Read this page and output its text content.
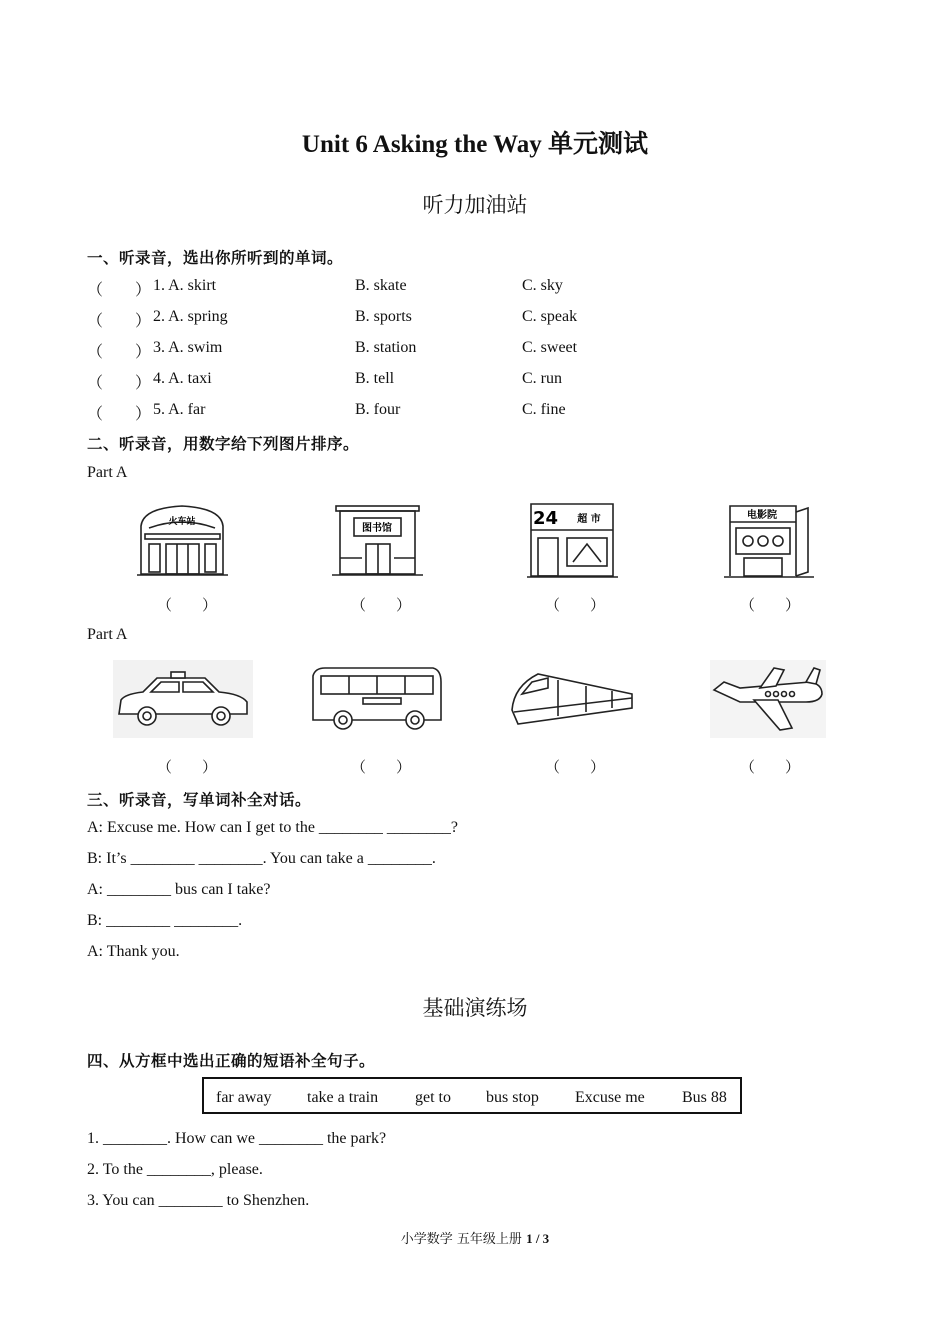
Unit 6 Asking the Way 单元测试
听力加油站
一、听录音，选出你所听到的单词。
（　　） 1. A. skirt	B. skate	C. sky
（　　） 2. A. spring	B. sports	C. speak
（　　） 3. A. swim	B. station	C. sweet
（　　） 4. A. taxi	B. tell	C. run
（　　） 5. A. far	B. four	C. fine
二、听录音，用数字给下列图片排序。
Part A
火车站
图书馆	24 超 市	电影院
（　　）	（　　）	（　　）	（　　）
Part A
（　　）	（　　）	（　　）	（　　）
三、听录音，写单词补全对话。
A: Excuse me. How can I get to the ________ ________?
B: It’s ________ ________. You can take a ________.
A: ________ bus can I take?
B: ________ ________.
A: Thank you.
基础演练场
四、从方框中选出正确的短语补全句子。
far away take a train get to bus stop Excuse me Bus 88
1. ________. How can we ________ the park?
2. To the ________, please.
3. You can ________ to Shenzhen.
小学数学 五年级上册 1 / 3
